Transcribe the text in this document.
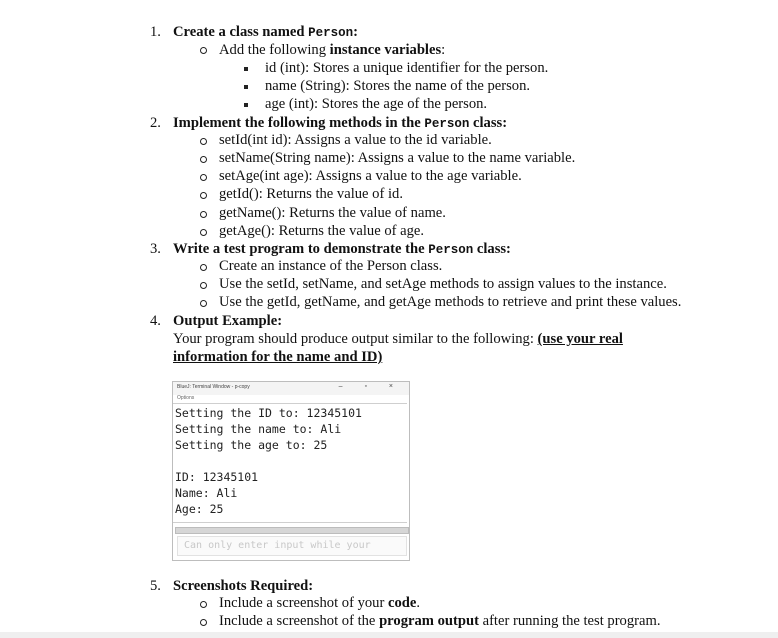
1. Create a class named Person:
Add the following instance variables:
id (int): Stores a unique identifier for the person.
name (String): Stores the name of the person.
age (int): Stores the age of the person.
2. Implement the following methods in the Person class:
setId(int id): Assigns a value to the id variable.
setName(String name): Assigns a value to the name variable.
setAge(int age): Assigns a value to the age variable.
getId(): Returns the value of id.
getName(): Returns the value of name.
getAge(): Returns the value of age.
3. Write a test program to demonstrate the Person class:
Create an instance of the Person class.
Use the setId, setName, and setAge methods to assign values to the instance.
Use the getId, getName, and getAge methods to retrieve and print these values.
4. Output Example:
Your program should produce output similar to the following: (use your real
information for the name and ID)
BlueJ: Terminal Window - p-copy	– ▫ ×
Options
Setting the ID to: 12345101
Setting the name to: Ali
Setting the age to: 25
ID: 12345101
Name: Ali
Age: 25
Can only enter input while your
5. Screenshots Required:
Include a screenshot of your code.
Include a screenshot of the program output after running the test program.
